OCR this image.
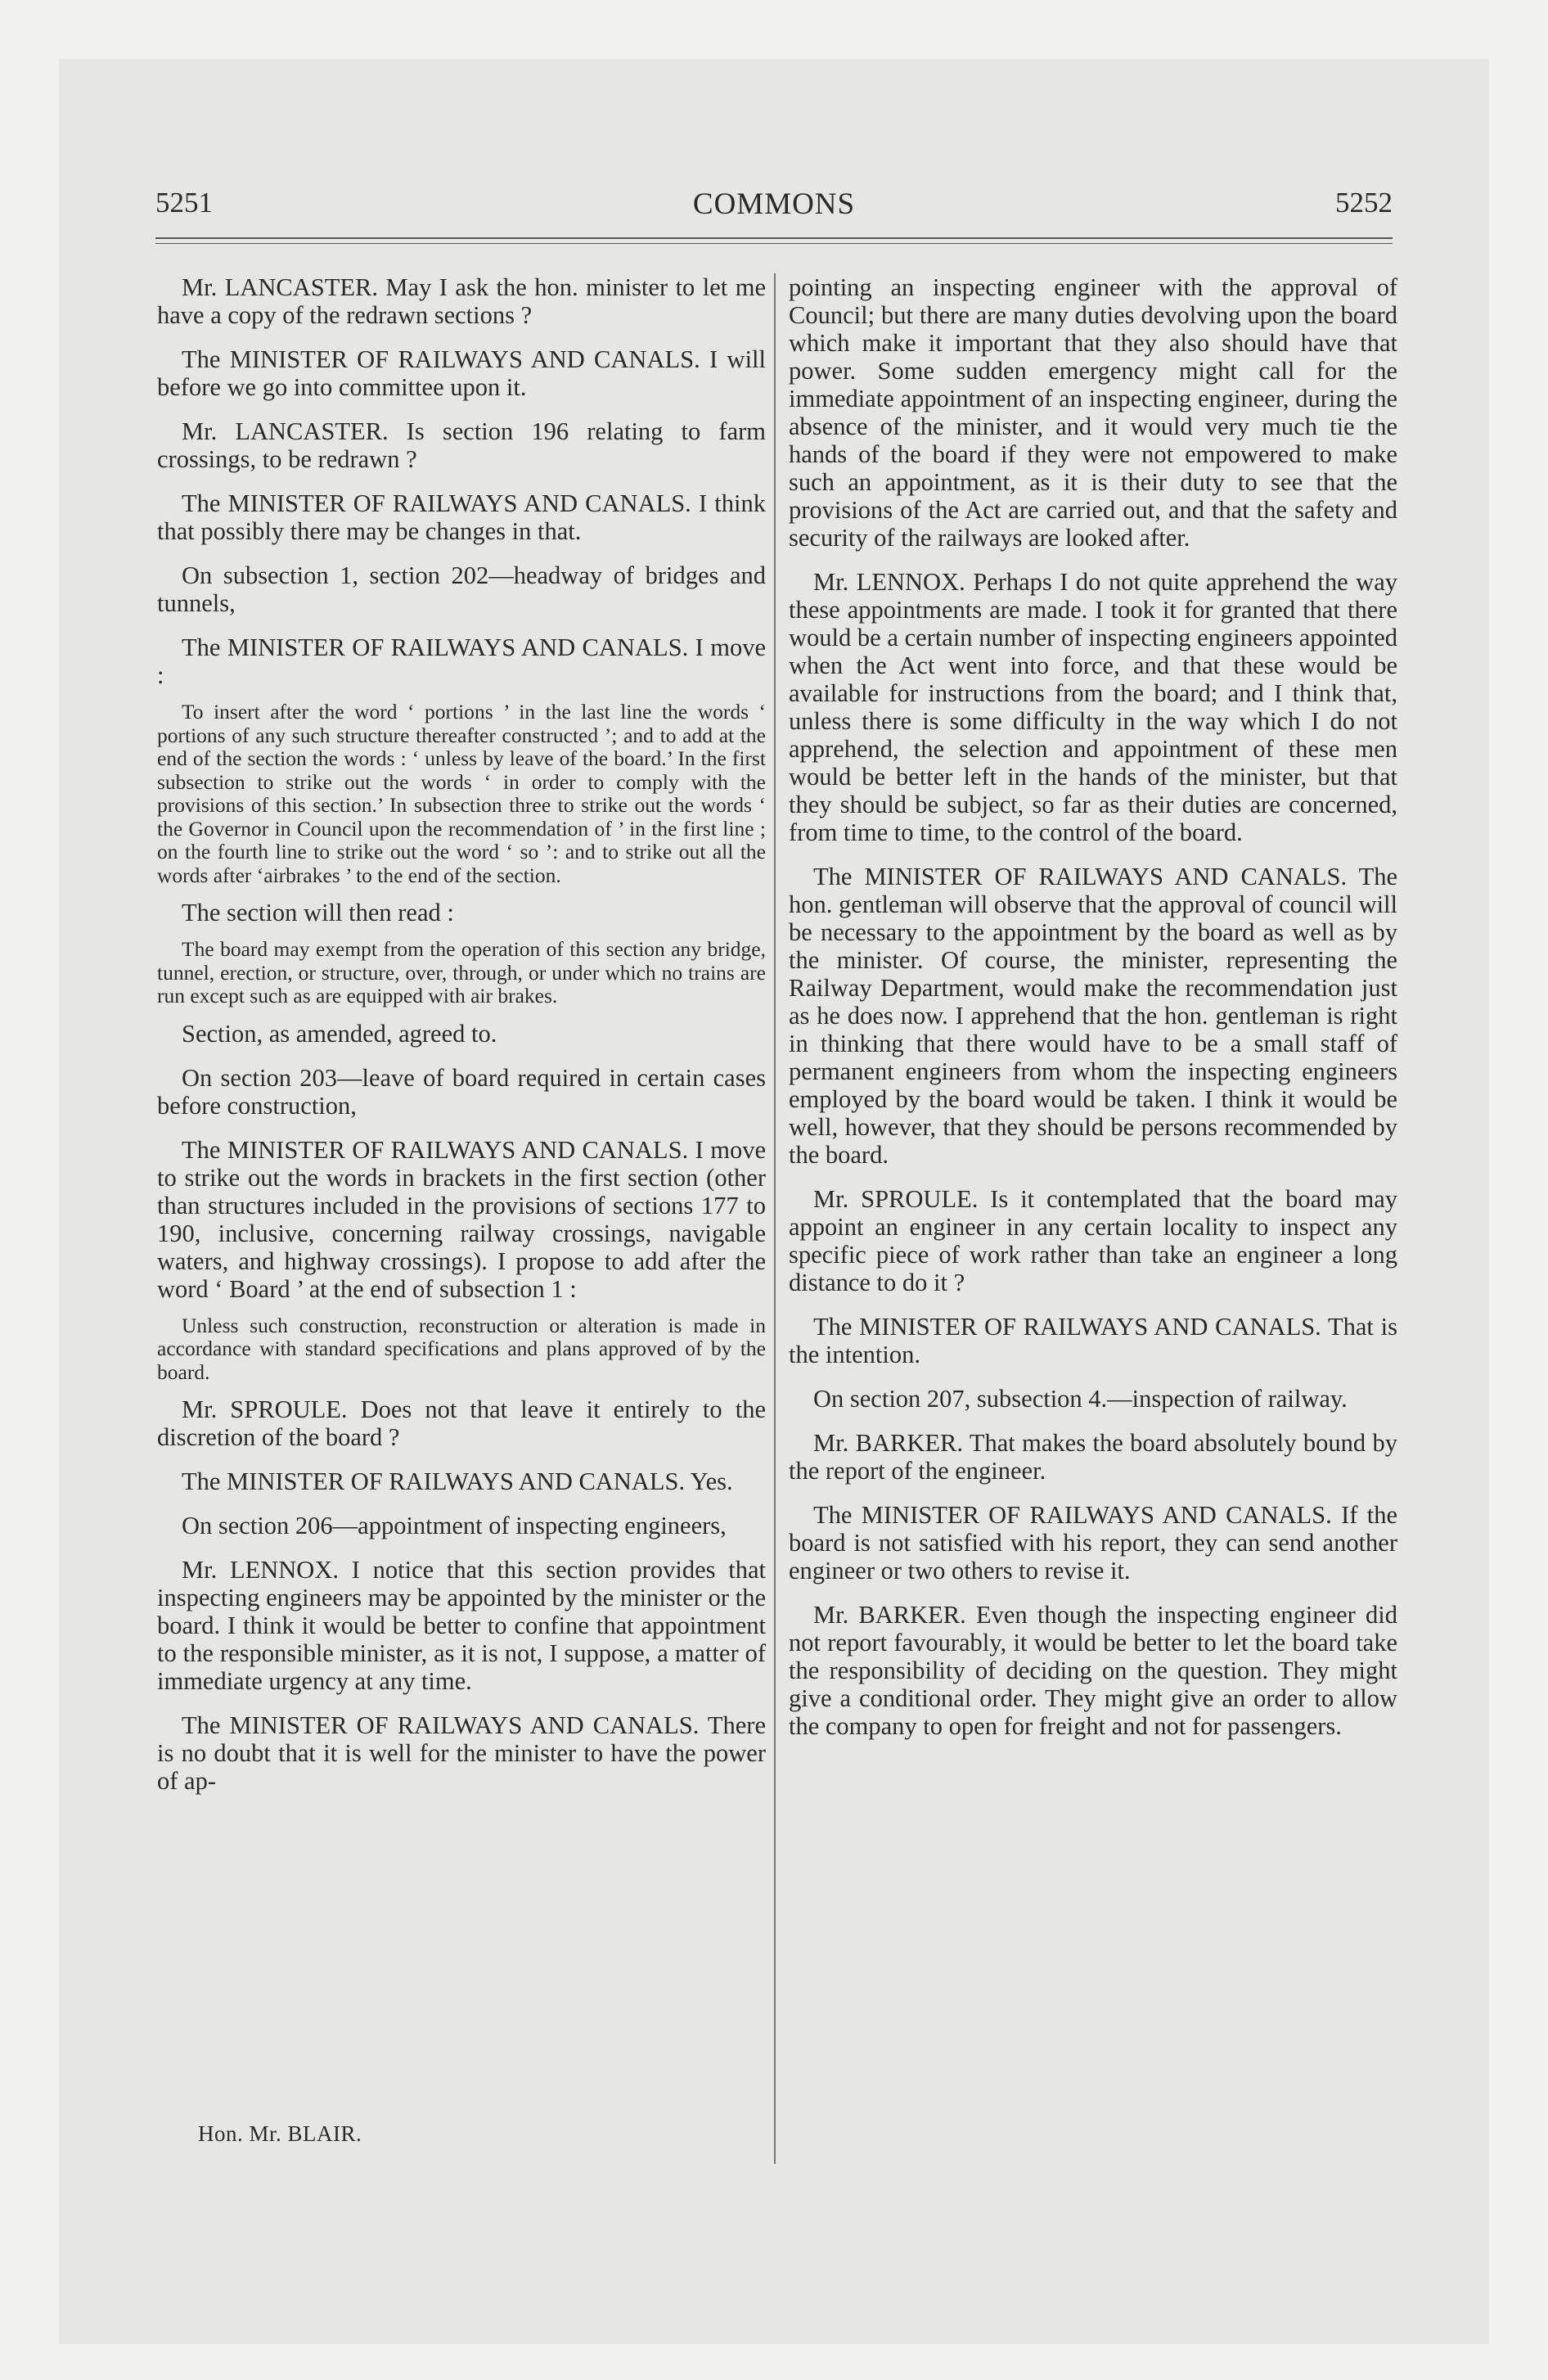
5251	COMMONS	5252

Mr. LANCASTER. May I ask the hon. minister to let me have a copy of the redrawn sections ?

The MINISTER OF RAILWAYS AND CANALS. I will before we go into committee upon it.

Mr. LANCASTER. Is section 196 relating to farm crossings, to be redrawn ?

The MINISTER OF RAILWAYS AND CANALS. I think that possibly there may be changes in that.

On subsection 1, section 202—headway of bridges and tunnels,

The MINISTER OF RAILWAYS AND CANALS. I move :

To insert after the word ‘ portions ’ in the last line the words ‘ portions of any such structure thereafter constructed ’; and to add at the end of the section the words : ‘ unless by leave of the board.’ In the first subsection to strike out the words ‘ in order to comply with the provisions of this section.’ In subsection three to strike out the words ‘ the Governor in Council upon the recommendation of ’ in the first line ; on the fourth line to strike out the word ‘ so ’: and to strike out all the words after ‘airbrakes ’ to the end of the section.

The section will then read :

The board may exempt from the operation of this section any bridge, tunnel, erection, or structure, over, through, or under which no trains are run except such as are equipped with air brakes.

Section, as amended, agreed to.

On section 203—leave of board required in certain cases before construction,

The MINISTER OF RAILWAYS AND CANALS. I move to strike out the words in brackets in the first section (other than structures included in the provisions of sections 177 to 190, inclusive, concerning railway crossings, navigable waters, and highway crossings). I propose to add after the word ‘ Board ’ at the end of subsection 1 :

Unless such construction, reconstruction or alteration is made in accordance with standard specifications and plans approved of by the board.

Mr. SPROULE. Does not that leave it entirely to the discretion of the board ?

The MINISTER OF RAILWAYS AND CANALS. Yes.

On section 206—appointment of inspecting engineers,

Mr. LENNOX. I notice that this section provides that inspecting engineers may be appointed by the minister or the board. I think it would be better to confine that appointment to the responsible minister, as it is not, I suppose, a matter of immediate urgency at any time.

The MINISTER OF RAILWAYS AND CANALS. There is no doubt that it is well for the minister to have the power of ap-

pointing an inspecting engineer with the approval of Council; but there are many duties devolving upon the board which make it important that they also should have that power. Some sudden emergency might call for the immediate appointment of an inspecting engineer, during the absence of the minister, and it would very much tie the hands of the board if they were not empowered to make such an appointment, as it is their duty to see that the provisions of the Act are carried out, and that the safety and security of the railways are looked after.

Mr. LENNOX. Perhaps I do not quite apprehend the way these appointments are made. I took it for granted that there would be a certain number of inspecting engineers appointed when the Act went into force, and that these would be available for instructions from the board; and I think that, unless there is some difficulty in the way which I do not apprehend, the selection and appointment of these men would be better left in the hands of the minister, but that they should be subject, so far as their duties are concerned, from time to time, to the control of the board.

The MINISTER OF RAILWAYS AND CANALS. The hon. gentleman will observe that the approval of council will be necessary to the appointment by the board as well as by the minister. Of course, the minister, representing the Railway Department, would make the recommendation just as he does now. I apprehend that the hon. gentleman is right in thinking that there would have to be a small staff of permanent engineers from whom the inspecting engineers employed by the board would be taken. I think it would be well, however, that they should be persons recommended by the board.

Mr. SPROULE. Is it contemplated that the board may appoint an engineer in any certain locality to inspect any specific piece of work rather than take an engineer a long distance to do it ?

The MINISTER OF RAILWAYS AND CANALS. That is the intention.

On section 207, subsection 4.—inspection of railway.

Mr. BARKER. That makes the board absolutely bound by the report of the engineer.

The MINISTER OF RAILWAYS AND CANALS. If the board is not satisfied with his report, they can send another engineer or two others to revise it.

Mr. BARKER. Even though the inspecting engineer did not report favourably, it would be better to let the board take the responsibility of deciding on the question. They might give a conditional order. They might give an order to allow the company to open for freight and not for passengers.

Hon. Mr. BLAIR.
